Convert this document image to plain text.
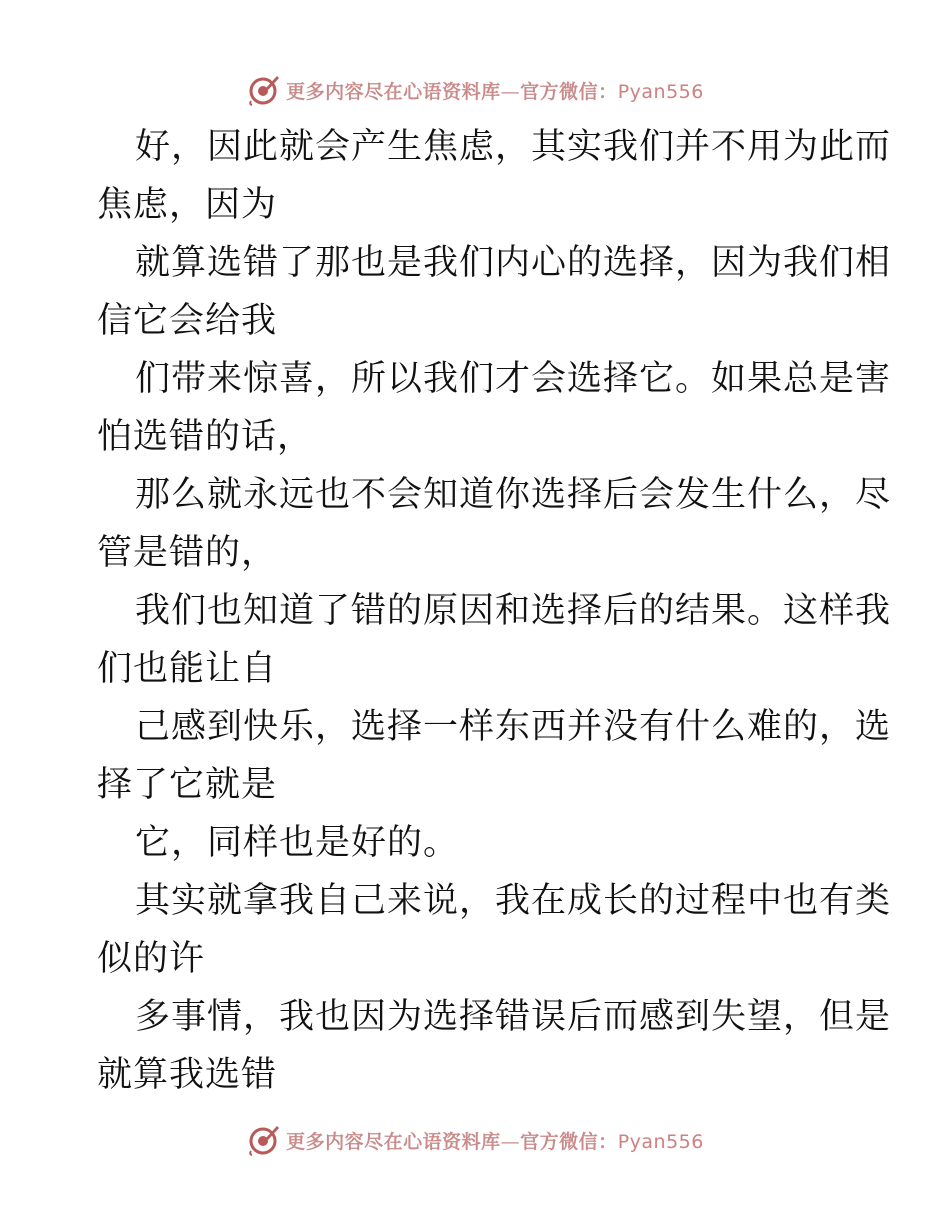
更多内容尽在心语资料库—官方微信：Pyan556
好，因此就会产生焦虑，其实我们并不用为此而
焦虑，因为
就算选错了那也是我们内心的选择，因为我们相
信它会给我
们带来惊喜，所以我们才会选择它。如果总是害
怕选错的话，
那么就永远也不会知道你选择后会发生什么，尽
管是错的，
我们也知道了错的原因和选择后的结果。这样我
们也能让自
己感到快乐，选择一样东西并没有什么难的，选
择了它就是
它，同样也是好的。
其实就拿我自己来说，我在成长的过程中也有类
似的许
多事情，我也因为选择错误后而感到失望，但是
就算我选错
更多内容尽在心语资料库—官方微信：Pyan556
